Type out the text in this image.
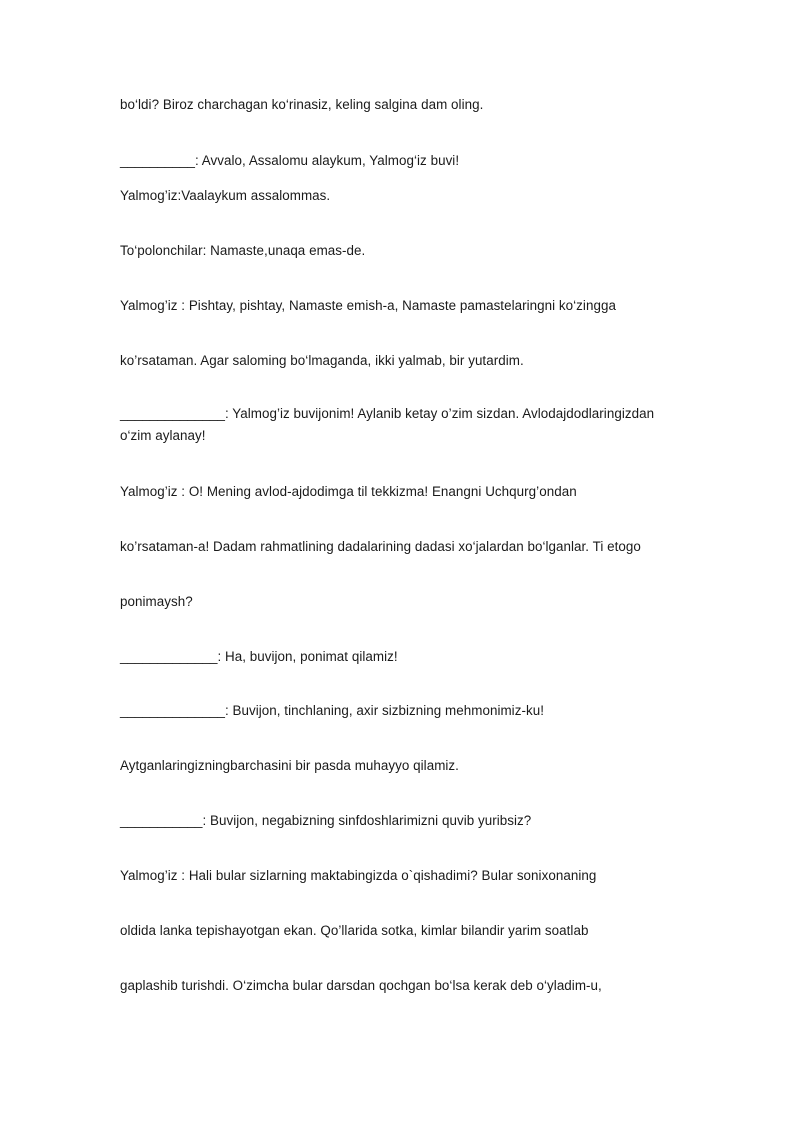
bo‘ldi? Biroz charchagan ko‘rinasiz, keling salgina dam oling.
__________: Avvalo, Assalomu alaykum, Yalmog‘iz buvi!
Yalmog’iz:Vaalaykum assalommas.
To‘polonchilar: Namaste,unaqa emas-de.
Yalmog’iz : Pishtay, pishtay, Namaste emish-a, Namaste pamastelaringni ko‘zingga
ko’rsataman. Agar saloming bo‘lmaganda, ikki yalmab, bir yutardim.
______________: Yalmog’iz buvijonim! Aylanib ketay o’zim sizdan. Avlodajdodlaringizdan o‘zim aylanay!
Yalmog’iz : O! Mening avlod-ajdodimga til tekkizma! Enangni Uchqurg’ondan
ko’rsataman-a! Dadam rahmatlining dadalarining dadasi xo‘jalardan bo‘lganlar. Ti etogo
ponimaysh?
_____________: Ha, buvijon, ponimat qilamiz!
______________: Buvijon, tinchlaning, axir sizbizning mehmonimiz-ku!
Aytganlaringizningbarchasini bir pasda muhayyo qilamiz.
___________: Buvijon, negabizning sinfdoshlarimizni quvib yuribsiz?
Yalmog’iz : Hali bular sizlarning maktabingizda o`qishadimi? Bular sonixonaning
oldida lanka tepishayotgan ekan. Qo’llarida sotka, kimlar bilandir yarim soatlab
gaplashib turishdi. O‘zimcha bular darsdan qochgan bo‘lsa kerak deb o‘yladim-u,
